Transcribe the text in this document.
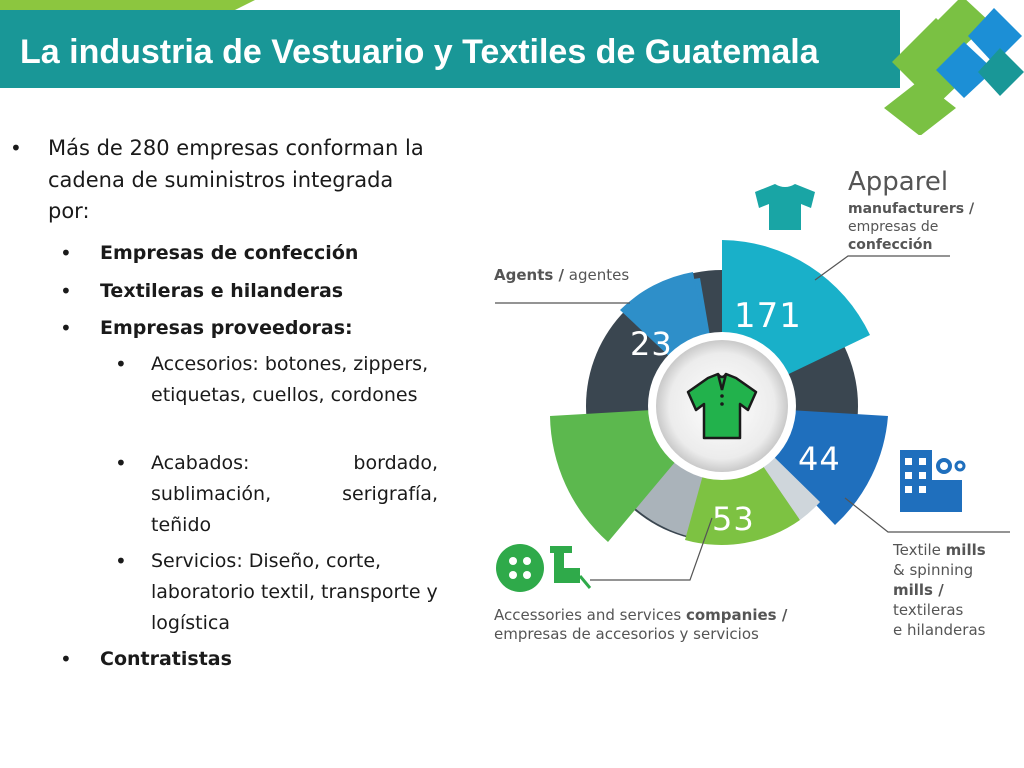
La industria de Vestuario y Textiles de Guatemala
• Más de 280 empresas conforman la cadena de suministros integrada por:
• Empresas de confección
• Textileras e hilanderas
• Empresas proveedoras:
• Accesorios: botones, zippers, etiquetas, cuellos, cordones
• Acabados: bordado, sublimación, serigrafía, teñido
• Servicios: Diseño, corte, laboratorio textil, transporte y logística
• Contratistas
171
23
44
53
Apparel
manufacturers /
empresas de
confección
Agents / agentes
Textile mills
& spinning
mills /
textileras
e hilanderas
Accessories and services companies /
empresas de accesorios y servicios
